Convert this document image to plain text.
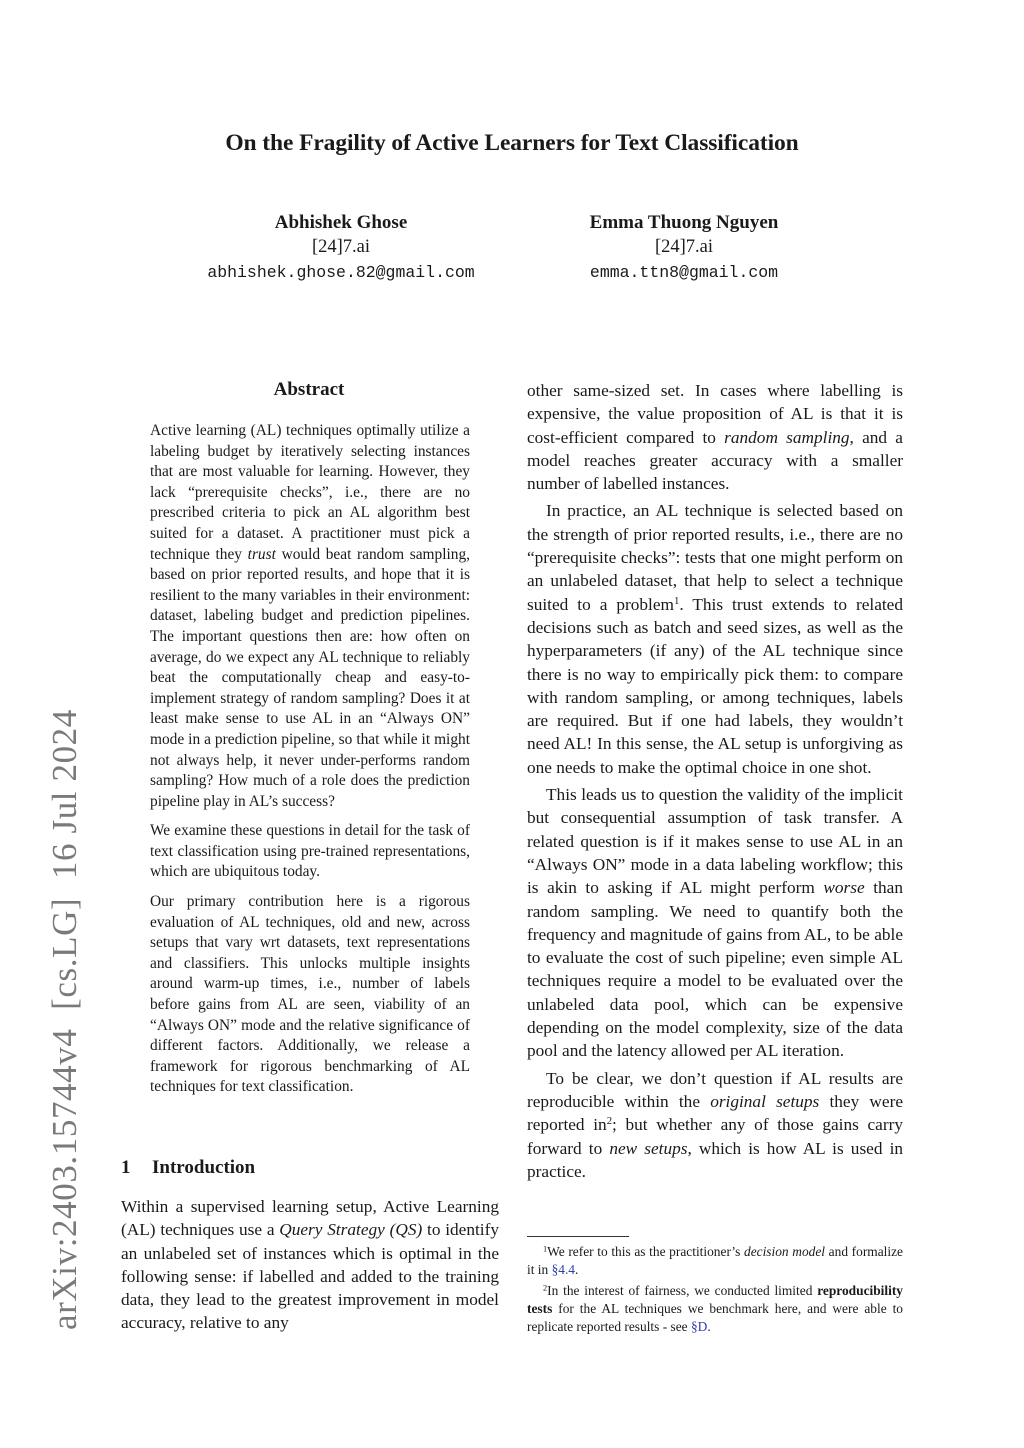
On the Fragility of Active Learners for Text Classification
Abhishek Ghose
[24]7.ai
abhishek.ghose.82@gmail.com
Emma Thuong Nguyen
[24]7.ai
emma.ttn8@gmail.com
arXiv:2403.15744v4  [cs.LG]  16 Jul 2024
Abstract

Active learning (AL) techniques optimally utilize a labeling budget by iteratively selecting instances that are most valuable for learning. However, they lack “prerequisite checks”, i.e., there are no prescribed criteria to pick an AL algorithm best suited for a dataset. A practitioner must pick a technique they trust would beat random sampling, based on prior reported results, and hope that it is resilient to the many variables in their environment: dataset, labeling budget and prediction pipelines. The important questions then are: how often on average, do we expect any AL technique to reliably beat the computationally cheap and easy-to-implement strategy of random sampling? Does it at least make sense to use AL in an “Always ON” mode in a prediction pipeline, so that while it might not always help, it never under-performs random sampling? How much of a role does the prediction pipeline play in AL’s success?

We examine these questions in detail for the task of text classification using pre-trained representations, which are ubiquitous today.

Our primary contribution here is a rigorous evaluation of AL techniques, old and new, across setups that vary wrt datasets, text representations and classifiers. This unlocks multiple insights around warm-up times, i.e., number of labels before gains from AL are seen, viability of an “Always ON” mode and the relative significance of different factors. Additionally, we release a framework for rigorous benchmarking of AL techniques for text classification.

1 Introduction

Within a supervised learning setup, Active Learning (AL) techniques use a Query Strategy (QS) to identify an unlabeled set of instances which is optimal in the following sense: if labelled and added to the training data, they lead to the greatest improvement in model accuracy, relative to any

other same-sized set. In cases where labelling is expensive, the value proposition of AL is that it is cost-efficient compared to random sampling, and a model reaches greater accuracy with a smaller number of labelled instances.

In practice, an AL technique is selected based on the strength of prior reported results, i.e., there are no “prerequisite checks”: tests that one might perform on an unlabeled dataset, that help to select a technique suited to a problem$^1$. This trust extends to related decisions such as batch and seed sizes, as well as the hyperparameters (if any) of the AL technique since there is no way to empirically pick them: to compare with random sampling, or among techniques, labels are required. But if one had labels, they wouldn’t need AL! In this sense, the AL setup is unforgiving as one needs to make the optimal choice in one shot.

This leads us to question the validity of the implicit but consequential assumption of task transfer. A related question is if it makes sense to use AL in an “Always ON” mode in a data labeling workflow; this is akin to asking if AL might perform worse than random sampling. We need to quantify both the frequency and magnitude of gains from AL, to be able to evaluate the cost of such pipeline; even simple AL techniques require a model to be evaluated over the unlabeled data pool, which can be expensive depending on the model complexity, size of the data pool and the latency allowed per AL iteration.

To be clear, we don’t question if AL results are reproducible within the original setups they were reported $in^2$; but whether any of those gains carry forward to new setups, which is how AL is used in practice.

$^1$We refer to this as the practitioner’s decision model and formalize it in §4.4.

$^2$In the interest of fairness, we conducted limited reproducibility tests for the AL techniques we benchmark here, and were able to replicate reported results - see §D.
